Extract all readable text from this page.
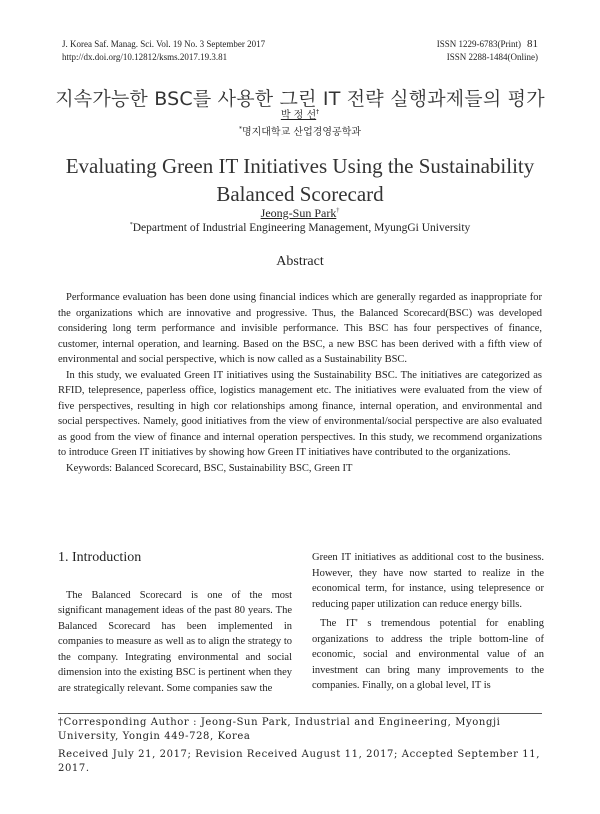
J. Korea Saf. Manag. Sci. Vol. 19 No. 3 September 2017
http://dx.doi.org/10.12812/ksms.2017.19.3.81
ISSN 1229-6783(Print) 81
ISSN 2288-1484(Online)
지속가능한 BSC를 사용한 그린 IT 전략 실행과제들의 평가
박 정 선†
*명지대학교 산업경영공학과
Evaluating Green IT Initiatives Using the Sustainability Balanced Scorecard
Jeong-Sun Park†
*Department of Industrial Engineering Management, MyungGi University
Abstract

Performance evaluation has been done using financial indices which are generally regarded as inappropriate for the organizations which are innovative and progressive. Thus, the Balanced Scorecard(BSC) was developed considering long term performance and invisible performance. This BSC has four perspectives of finance, customer, internal operation, and learning. Based on the BSC, a new BSC has been derived with a fifth view of environmental and social perspective, which is now called as a Sustainability BSC.

In this study, we evaluated Green IT initiatives using the Sustainability BSC. The initiatives are categorized as RFID, telepresence, paperless office, logistics management etc. The initiatives were evaluated from the view of five perspectives, resulting in high cor relationships among finance, internal operation, and environmental and social perspectives. Namely, good initiatives from the view of environmental/social perspective are also evaluated as good from the view of finance and internal operation perspectives. In this study, we recommend organizations to introduce Green IT initiatives by showing how Green IT initiatives have contributed to the organizations.

Keywords: Balanced Scorecard, BSC, Sustainability BSC, Green IT

1. Introduction

The Balanced Scorecard is one of the most significant management ideas of the past 80 years. The Balanced Scorecard has been implemented in companies to measure as well as to align the strategy to the company. Integrating environmental and social dimension into the existing BSC is pertinent when they are strategically relevant. Some companies saw the

Green IT initiatives as additional cost to the business. However, they have now started to realize in the economical term, for instance, using telepresence or reducing paper utilization can reduce energy bills.

The IT' s tremendous potential for enabling organizations to address the triple bottom-line of economic, social and environmental value of an investment can bring many improvements to the companies. Finally, on a global level, IT is

†Corresponding Author : Jeong-Sun Park, Industrial and Engineering, Myongji University, Yongin 449-728, Korea

Received July 21, 2017; Revision Received August 11, 2017; Accepted September 11, 2017.
